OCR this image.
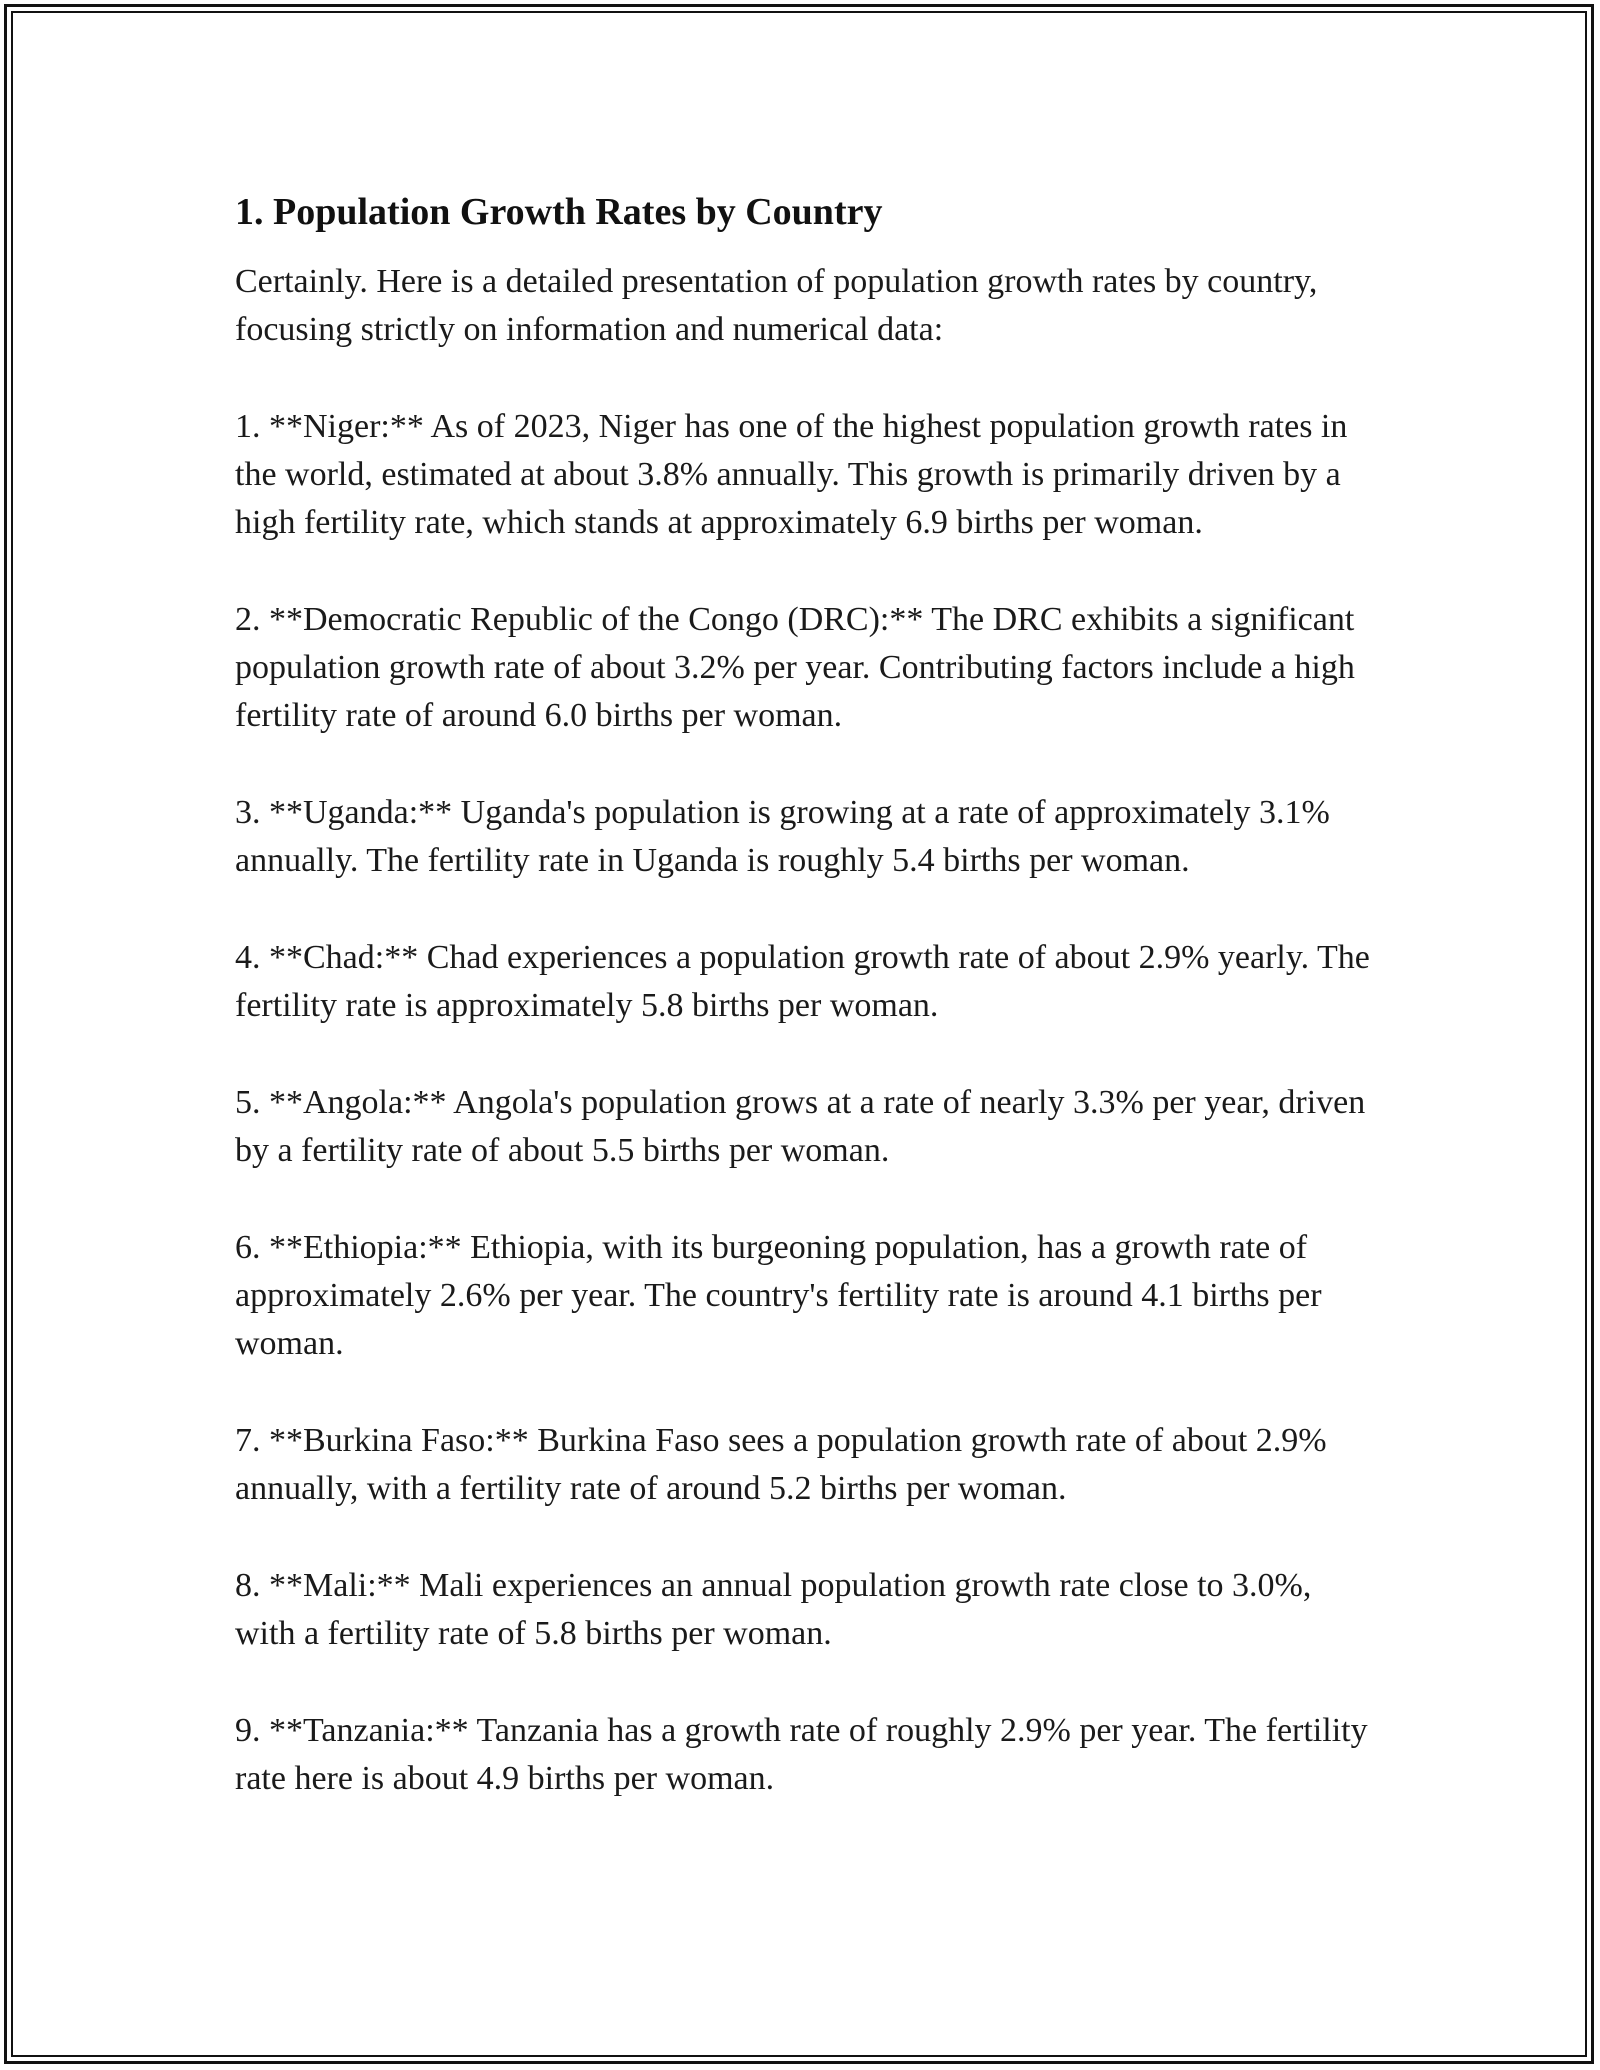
1. Population Growth Rates by Country

Certainly. Here is a detailed presentation of population growth rates by country, focusing strictly on information and numerical data:

1. **Niger:** As of 2023, Niger has one of the highest population growth rates in the world, estimated at about 3.8% annually. This growth is primarily driven by a high fertility rate, which stands at approximately 6.9 births per woman.

2. **Democratic Republic of the Congo (DRC):** The DRC exhibits a significant population growth rate of about 3.2% per year. Contributing factors include a high fertility rate of around 6.0 births per woman.

3. **Uganda:** Uganda's population is growing at a rate of approximately 3.1% annually. The fertility rate in Uganda is roughly 5.4 births per woman.

4. **Chad:** Chad experiences a population growth rate of about 2.9% yearly. The fertility rate is approximately 5.8 births per woman.

5. **Angola:** Angola's population grows at a rate of nearly 3.3% per year, driven by a fertility rate of about 5.5 births per woman.

6. **Ethiopia:** Ethiopia, with its burgeoning population, has a growth rate of approximately 2.6% per year. The country's fertility rate is around 4.1 births per woman.

7. **Burkina Faso:** Burkina Faso sees a population growth rate of about 2.9% annually, with a fertility rate of around 5.2 births per woman.

8. **Mali:** Mali experiences an annual population growth rate close to 3.0%, with a fertility rate of 5.8 births per woman.

9. **Tanzania:** Tanzania has a growth rate of roughly 2.9% per year. The fertility rate here is about 4.9 births per woman.
